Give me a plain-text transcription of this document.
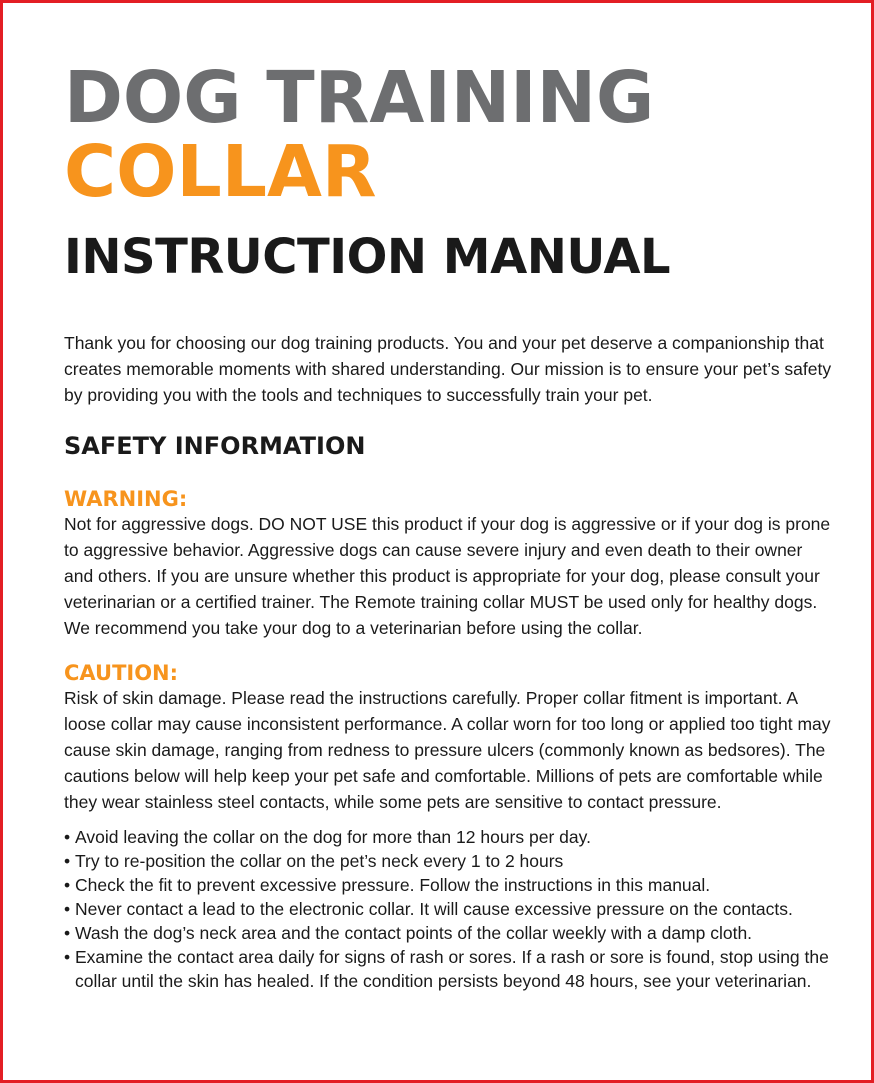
DOG TRAINING
COLLAR
INSTRUCTION MANUAL

Thank you for choosing our dog training products. You and your pet deserve a companionship that creates memorable moments with shared understanding. Our mission is to ensure your pet’s safety by providing you with the tools and techniques to successfully train your pet.

SAFETY INFORMATION
WARNING:
Not for aggressive dogs. DO NOT USE this product if your dog is aggressive or if your dog is prone to aggressive behavior. Aggressive dogs can cause severe injury and even death to their owner and others. If you are unsure whether this product is appropriate for your dog, please consult your veterinarian or a certified trainer. The Remote training collar MUST be used only for healthy dogs. We recommend you take your dog to a veterinarian before using the collar.
CAUTION:
Risk of skin damage. Please read the instructions carefully. Proper collar fitment is important. A loose collar may cause inconsistent performance. A collar worn for too long or applied too tight may cause skin damage, ranging from redness to pressure ulcers (commonly known as bedsores). The cautions below will help keep your pet safe and comfortable. Millions of pets are comfortable while they wear stainless steel contacts, while some pets are sensitive to contact pressure.
• Avoid leaving the collar on the dog for more than 12 hours per day.
• Try to re-position the collar on the pet’s neck every 1 to 2 hours
• Check the fit to prevent excessive pressure. Follow the instructions in this manual.
• Never contact a lead to the electronic collar. It will cause excessive pressure on the contacts.
• Wash the dog’s neck area and the contact points of the collar weekly with a damp cloth.
• Examine the contact area daily for signs of rash or sores. If a rash or sore is found, stop using the collar until the skin has healed. If the condition persists beyond 48 hours, see your veterinarian.
